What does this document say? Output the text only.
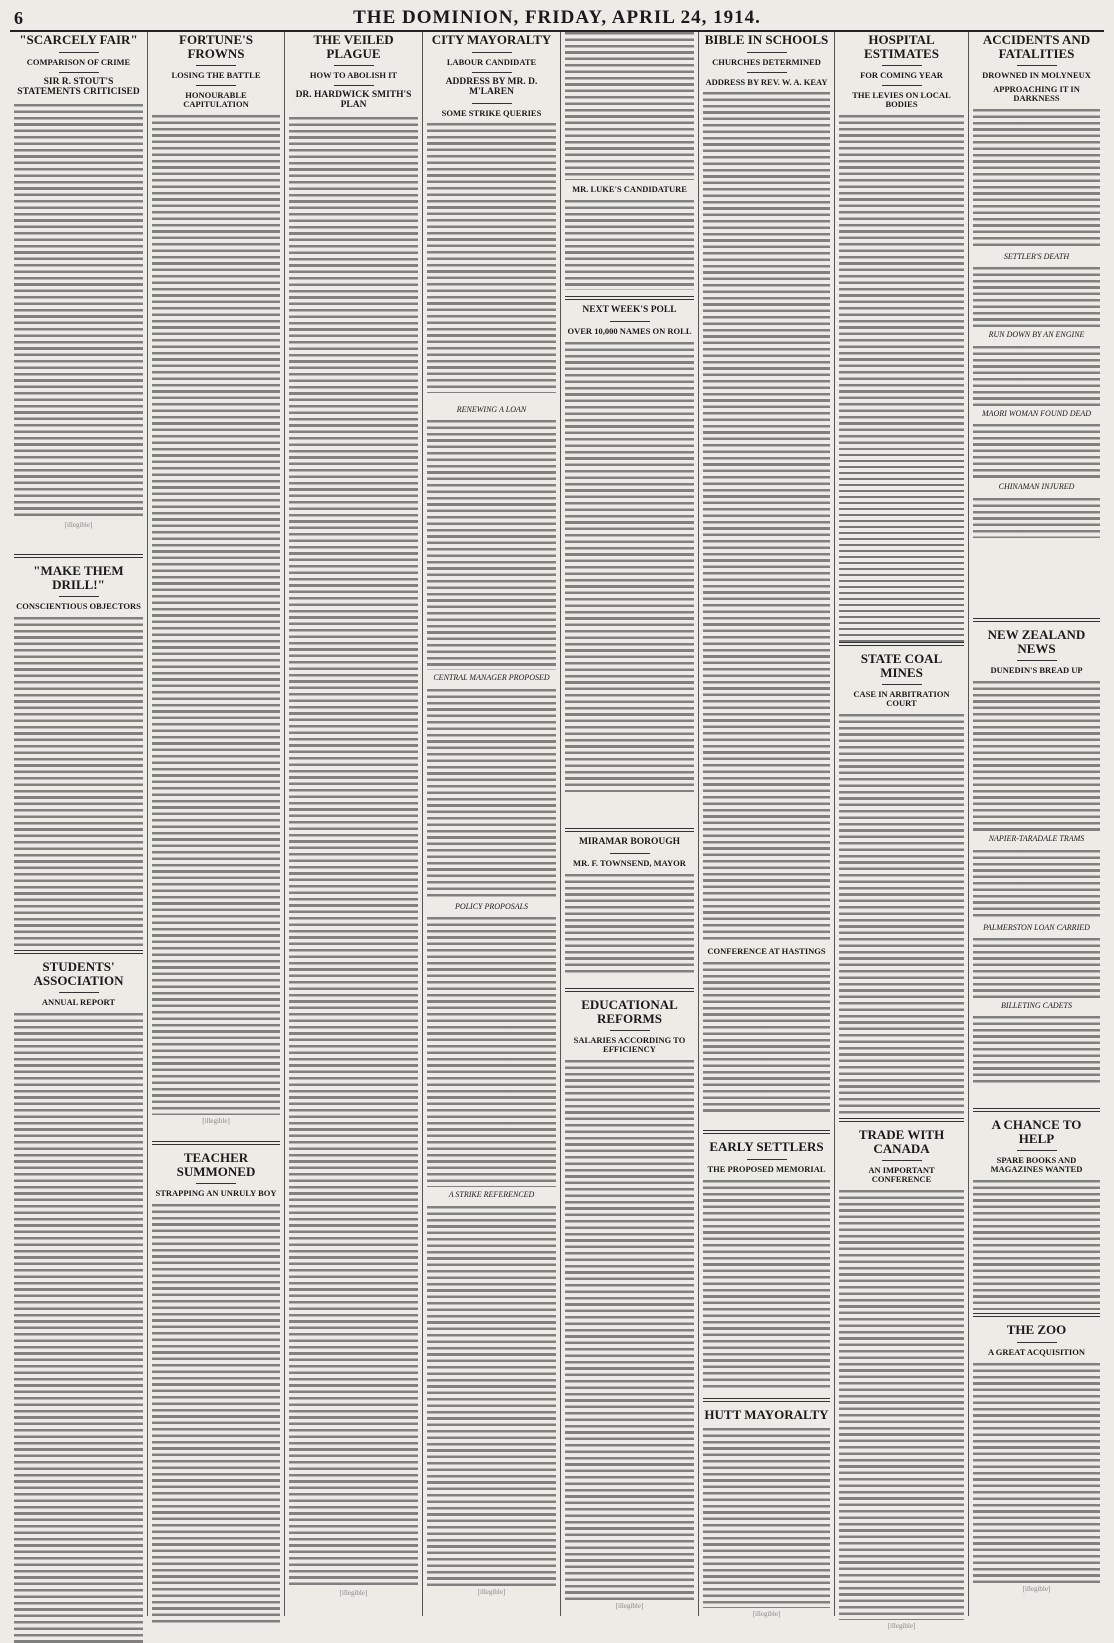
6	THE DOMINION, FRIDAY, APRIL 24, 1914.
"SCARCELY FAIR"
COMPARISON OF CRIME
SIR R. STOUT'S STATEMENTS CRITICISED
[illegible]
"MAKE THEM DRILL!"
CONSCIENTIOUS OBJECTORS
STUDENTS' ASSOCIATION
ANNUAL REPORT
FORTUNE'S FROWNS
LOSING THE BATTLE
HONOURABLE CAPITULATION
[illegible]
TEACHER SUMMONED
STRAPPING AN UNRULY BOY
THE VEILED PLAGUE
HOW TO ABOLISH IT
DR. HARDWICK SMITH'S PLAN
[illegible]
CITY MAYORALTY
LABOUR CANDIDATE
ADDRESS BY MR. D. M'LAREN
SOME STRIKE QUERIES
RENEWING A LOAN
CENTRAL MANAGER PROPOSED
POLICY PROPOSALS
A STRIKE REFERENCED
[illegible]
MR. LUKE'S CANDIDATURE
NEXT WEEK'S POLL
OVER 10,000 NAMES ON ROLL
MIRAMAR BOROUGH
MR. F. TOWNSEND, MAYOR
EDUCATIONAL REFORMS
SALARIES ACCORDING TO EFFICIENCY
[illegible]
BIBLE IN SCHOOLS
CHURCHES DETERMINED
ADDRESS BY REV. W. A. KEAY
CONFERENCE AT HASTINGS
EARLY SETTLERS
THE PROPOSED MEMORIAL
HUTT MAYORALTY
[illegible]
HOSPITAL ESTIMATES
FOR COMING YEAR
THE LEVIES ON LOCAL BODIES
STATE COAL MINES
CASE IN ARBITRATION COURT
TRADE WITH CANADA
AN IMPORTANT CONFERENCE
[illegible]
ACCIDENTS AND FATALITIES
DROWNED IN MOLYNEUX
APPROACHING IT IN DARKNESS
SETTLER'S DEATH
RUN DOWN BY AN ENGINE
MAORI WOMAN FOUND DEAD
CHINAMAN INJURED
NEW ZEALAND NEWS
DUNEDIN'S BREAD UP
NAPIER-TARADALE TRAMS
PALMERSTON LOAN CARRIED
BILLETING CADETS
A CHANCE TO HELP
SPARE BOOKS AND MAGAZINES WANTED
THE ZOO
A GREAT ACQUISITION
[illegible]
